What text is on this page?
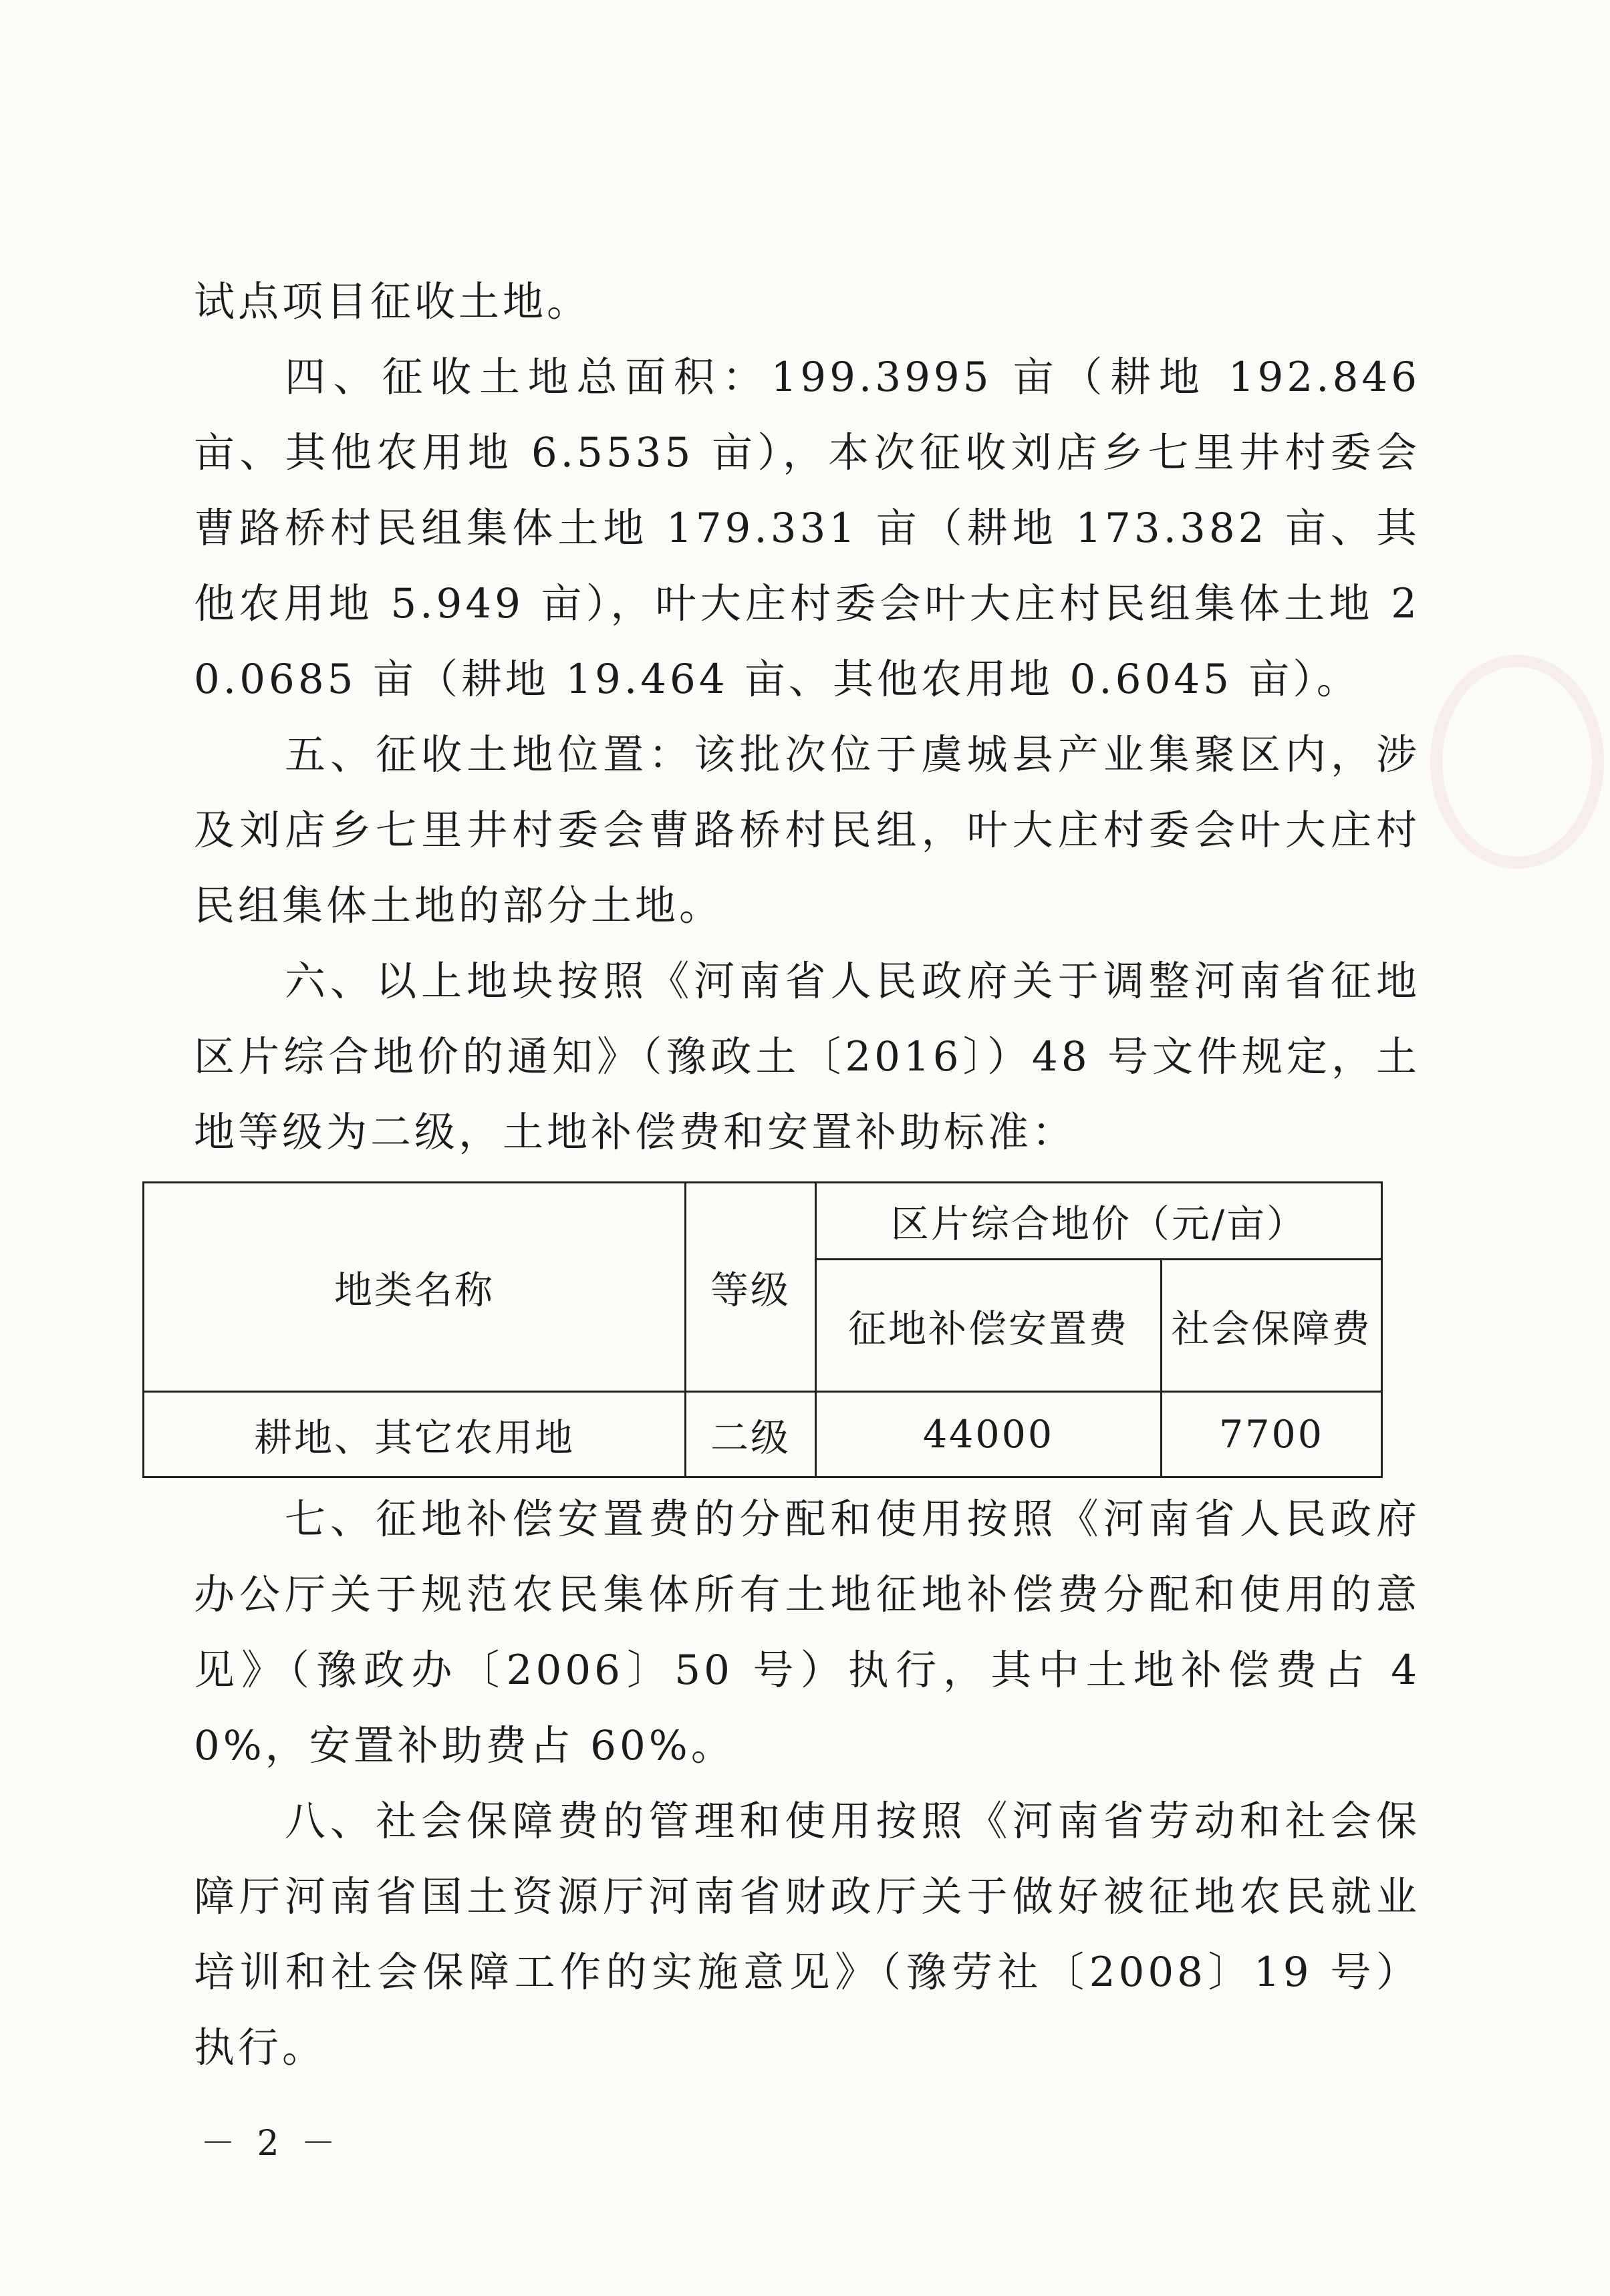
试点项目征收土地。

四、征收土地总面积：199.3995 亩（耕地 192.846 亩、其他农用地 6.5535 亩），本次征收刘店乡七里井村委会曹路桥村民组集体土地 179.331 亩（耕地 173.382 亩、其他农用地 5.949 亩），叶大庄村委会叶大庄村民组集体土地 20.0685 亩（耕地 19.464 亩、其他农用地 0.6045 亩）。

五、征收土地位置：该批次位于虞城县产业集聚区内，涉及刘店乡七里井村委会曹路桥村民组，叶大庄村委会叶大庄村民组集体土地的部分土地。

六、以上地块按照《河南省人民政府关于调整河南省征地区片综合地价的通知》（豫政土〔2016〕）48 号文件规定，土地等级为二级，土地补偿费和安置补助标准：

地类名称	等级	区片综合地价（元/亩）	
		征地补偿安置费	社会保障费
耕地、其它农用地	二级	44000	7700

七、征地补偿安置费的分配和使用按照《河南省人民政府办公厅关于规范农民集体所有土地征地补偿费分配和使用的意见》（豫政办〔2006〕50 号）执行，其中土地补偿费占 40%，安置补助费占 60%。

八、社会保障费的管理和使用按照《河南省劳动和社会保障厅河南省国土资源厅河南省财政厅关于做好被征地农民就业培训和社会保障工作的实施意见》（豫劳社〔2008〕19 号）执行。

－ 2 －
